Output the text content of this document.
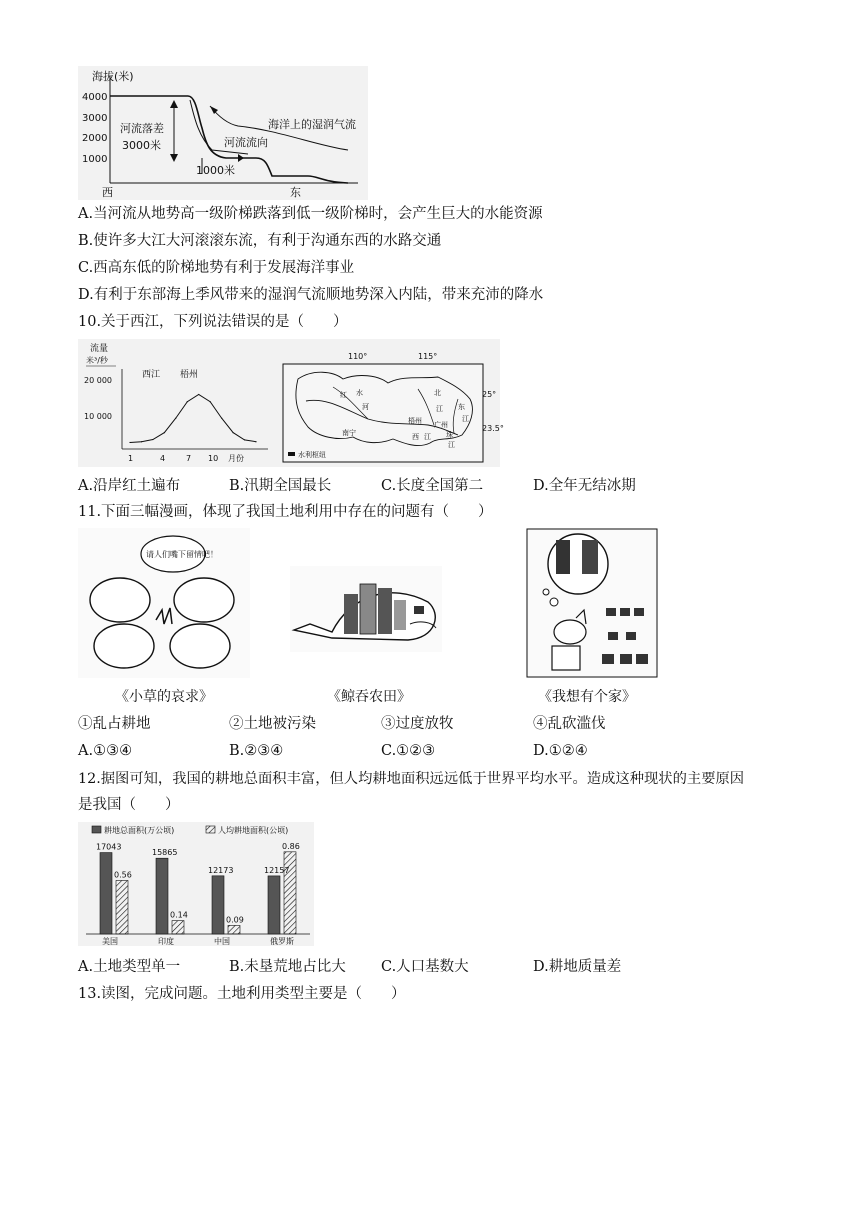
海拔(米)
4000
3000
2000
1000
河流落差
3000米	河流流向
海洋上的湿润气流
1000米
西	东
A.当河流从地势高一级阶梯跌落到低一级阶梯时，会产生巨大的水能资源
B.使许多大江大河滚滚东流，有利于沟通东西的水路交通
C.西高东低的阶梯地势有利于发展海洋事业
D.有利于东部海上季风带来的湿润气流顺地势深入内陆，带来充沛的降水
10.关于西江，下列说法错误的是（　　）
流量
米³/秒
20 000
10 000
西江 梧州
1	4	7 10 月份
110°	115°
25°
23.5°
红 水
河
南宁
梧州
西 江
广州
北
江 东
江
珠
江
水利枢纽
A.沿岸红土遍布	B.汛期全国最长	C.长度全国第二	D.全年无结冰期
11.下面三幅漫画，体现了我国土地利用中存在的问题有（　　）
请人们嘴下留情吧！
《小草的哀求》	《鲸吞农田》	《我想有个家》
①乱占耕地	②土地被污染	③过度放牧	④乱砍滥伐
A.①③④	B.②③④	C.①②③	D.①②④
12.据图可知，我国的耕地总面积丰富，但人均耕地面积远远低于世界平均水平。造成这种现状的主要原因
是我国（　　）
耕地总面积(万公顷)	人均耕地面积(公顷)
17043
0.56
美国
15865
0.14
印度
12173
0.09
中国
12157
0.86
俄罗斯
A.土地类型单一	B.未垦荒地占比大 C.人口基数大	D.耕地质量差
13.读图，完成问题。土地利用类型主要是（　　）
